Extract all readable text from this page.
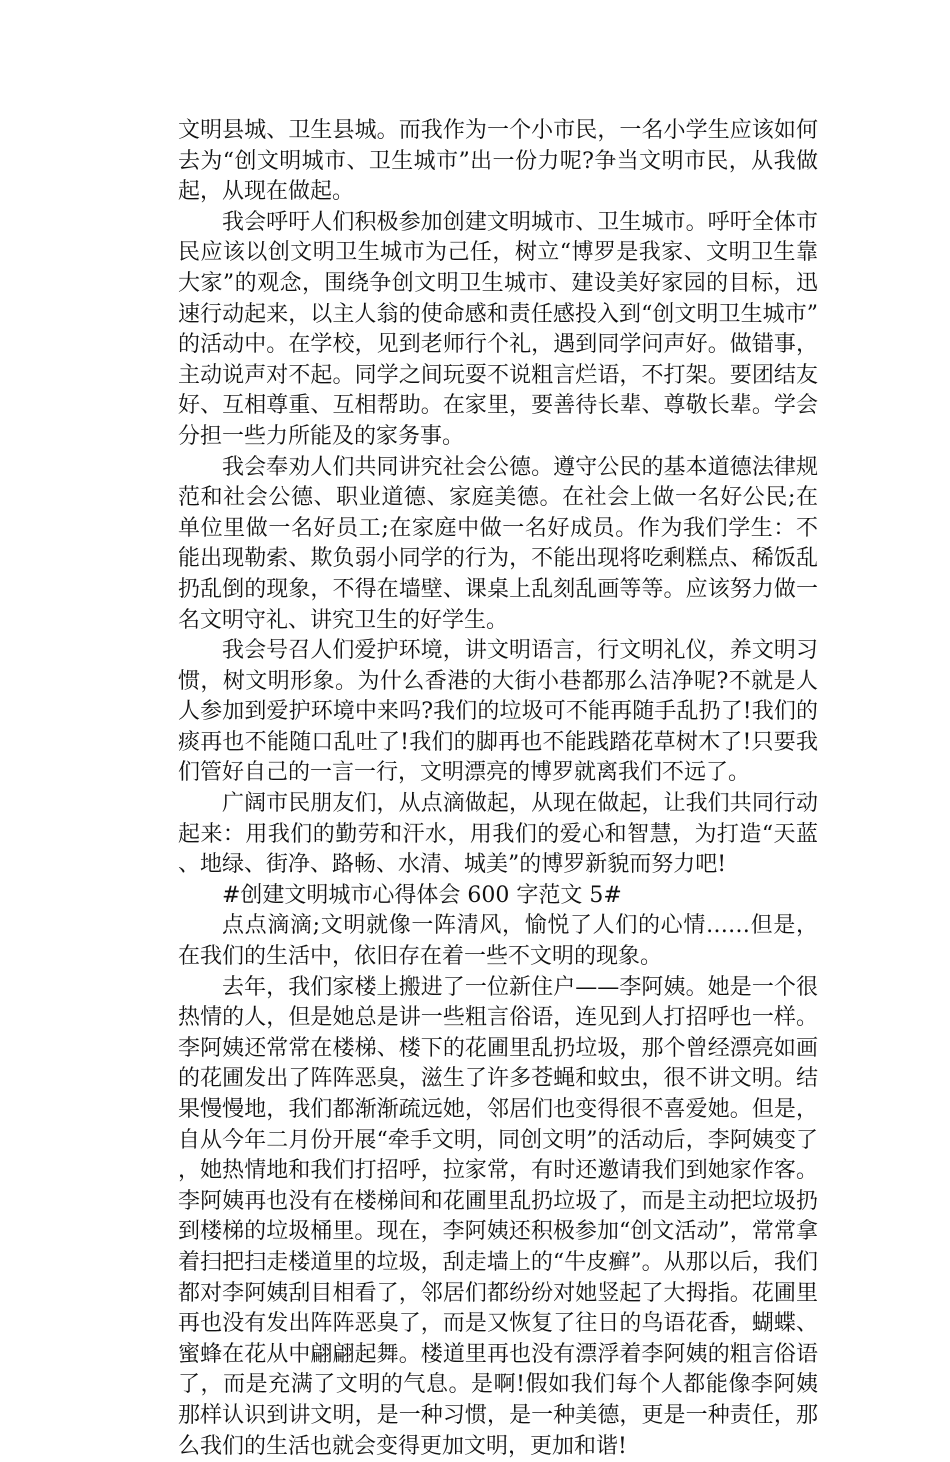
文明县城、卫生县城。而我作为一个小市民，一名小学生应该如何去为“创文明城市、卫生城市”出一份力呢?争当文明市民，从我做起，从现在做起。

我会呼吁人们积极参加创建文明城市、卫生城市。呼吁全体市民应该以创文明卫生城市为己任，树立“博罗是我家、文明卫生靠大家”的观念，围绕争创文明卫生城市、建设美好家园的目标，迅速行动起来，以主人翁的使命感和责任感投入到“创文明卫生城市”的活动中。在学校，见到老师行个礼，遇到同学问声好。做错事，主动说声对不起。同学之间玩耍不说粗言烂语，不打架。要团结友好、互相尊重、互相帮助。在家里，要善待长辈、尊敬长辈。学会分担一些力所能及的家务事。

我会奉劝人们共同讲究社会公德。遵守公民的基本道德法律规范和社会公德、职业道德、家庭美德。在社会上做一名好公民;在单位里做一名好员工;在家庭中做一名好成员。作为我们学生：不能出现勒索、欺负弱小同学的行为，不能出现将吃剩糕点、稀饭乱扔乱倒的现象，不得在墙壁、课桌上乱刻乱画等等。应该努力做一名文明守礼、讲究卫生的好学生。

我会号召人们爱护环境，讲文明语言，行文明礼仪，养文明习惯，树文明形象。为什么香港的大街小巷都那么洁净呢?不就是人人参加到爱护环境中来吗?我们的垃圾可不能再随手乱扔了!我们的痰再也不能随口乱吐了!我们的脚再也不能践踏花草树木了!只要我们管好自己的一言一行，文明漂亮的博罗就离我们不远了。

广阔市民朋友们，从点滴做起，从现在做起，让我们共同行动起来：用我们的勤劳和汗水，用我们的爱心和智慧，为打造“天蓝、地绿、街净、路畅、水清、城美”的博罗新貌而努力吧!

#创建文明城市心得体会 600 字范文 5#

点点滴滴;文明就像一阵清风，愉悦了人们的心情……但是，在我们的生活中，依旧存在着一些不文明的现象。

去年，我们家楼上搬进了一位新住户——李阿姨。她是一个很热情的人，但是她总是讲一些粗言俗语，连见到人打招呼也一样。李阿姨还常常在楼梯、楼下的花圃里乱扔垃圾，那个曾经漂亮如画的花圃发出了阵阵恶臭，滋生了许多苍蝇和蚊虫，很不讲文明。结果慢慢地，我们都渐渐疏远她，邻居们也变得很不喜爱她。但是，自从今年二月份开展“牵手文明，同创文明”的活动后，李阿姨变了，她热情地和我们打招呼，拉家常，有时还邀请我们到她家作客。李阿姨再也没有在楼梯间和花圃里乱扔垃圾了，而是主动把垃圾扔到楼梯的垃圾桶里。现在，李阿姨还积极参加“创文活动”，常常拿着扫把扫走楼道里的垃圾，刮走墙上的“牛皮癣”。从那以后，我们都对李阿姨刮目相看了，邻居们都纷纷对她竖起了大拇指。花圃里再也没有发出阵阵恶臭了，而是又恢复了往日的鸟语花香，蝴蝶、蜜蜂在花从中翩翩起舞。楼道里再也没有漂浮着李阿姨的粗言俗语了，而是充满了文明的气息。是啊!假如我们每个人都能像李阿姨那样认识到讲文明，是一种习惯，是一种美德，更是一种责任，那么我们的生活也就会变得更加文明，更加和谐!
